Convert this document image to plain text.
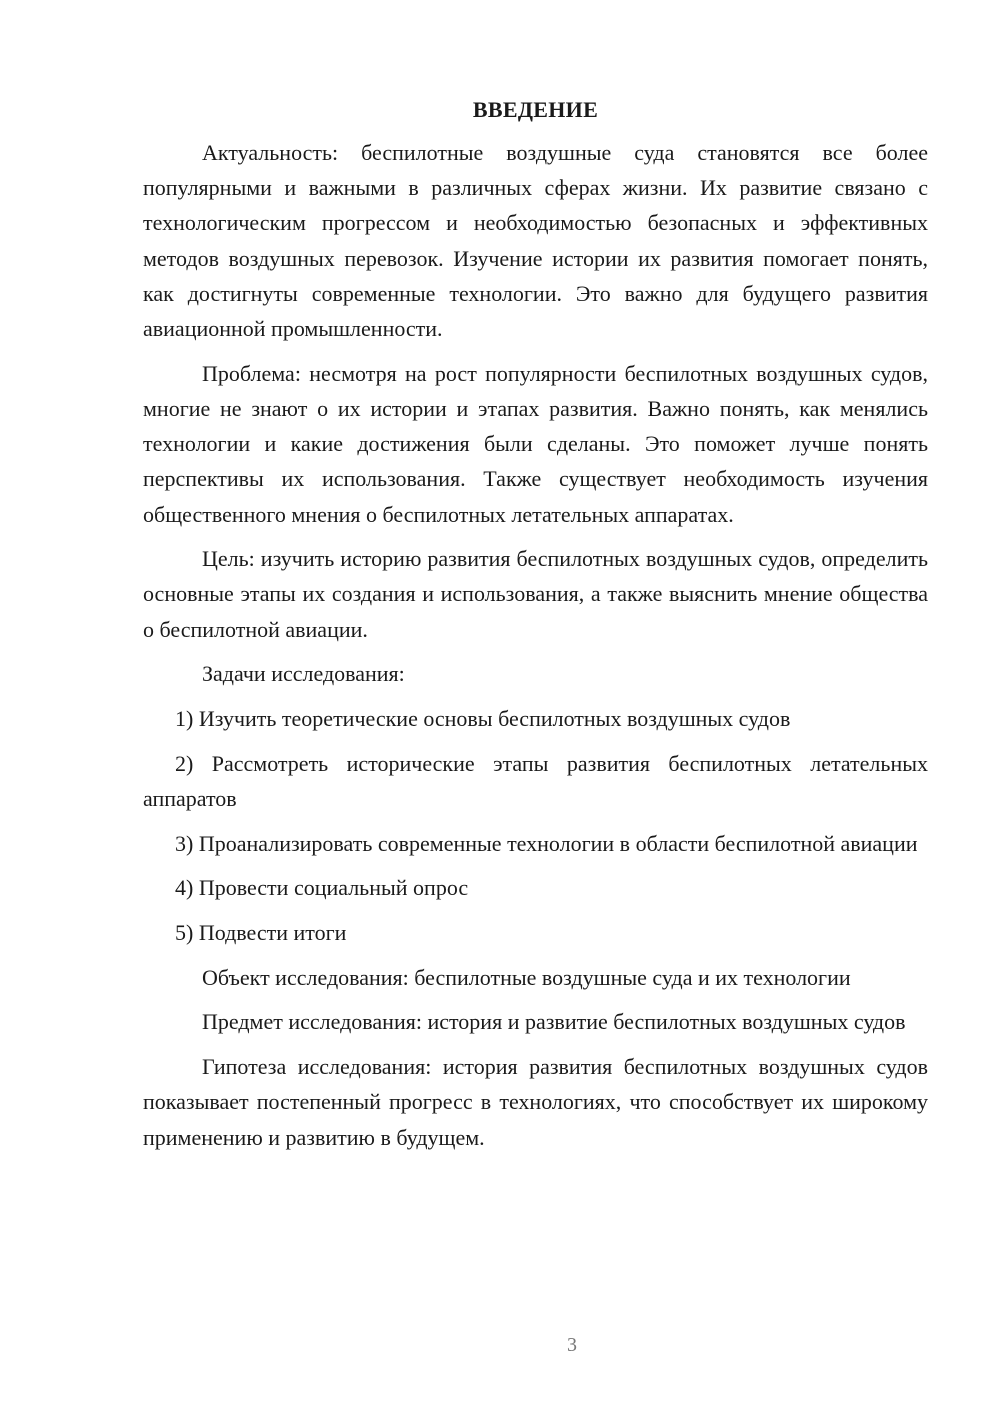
ВВЕДЕНИЕ

Актуальность: беспилотные воздушные суда становятся все более популярными и важными в различных сферах жизни. Их развитие связано с технологическим прогрессом и необходимостью безопасных и эффективных методов воздушных перевозок. Изучение истории их развития помогает понять, как достигнуты современные технологии. Это важно для будущего развития авиационной промышленности.

Проблема: несмотря на рост популярности беспилотных воздушных судов, многие не знают о их истории и этапах развития. Важно понять, как менялись технологии и какие достижения были сделаны. Это поможет лучше понять перспективы их использования. Также существует необходимость изучения общественного мнения о беспилотных летательных аппаратах.

Цель: изучить историю развития беспилотных воздушных судов, определить основные этапы их создания и использования, а также выяснить мнение общества о беспилотной авиации.

Задачи исследования:

1) Изучить теоретические основы беспилотных воздушных судов

2) Рассмотреть исторические этапы развития беспилотных летательных аппаратов

3) Проанализировать современные технологии в области беспилотной авиации

4) Провести социальный опрос

5) Подвести итоги

Объект исследования: беспилотные воздушные суда и их технологии

Предмет исследования: история и развитие беспилотных воздушных судов

Гипотеза исследования: история развития беспилотных воздушных судов показывает постепенный прогресс в технологиях, что способствует их широкому применению и развитию в будущем.

3
